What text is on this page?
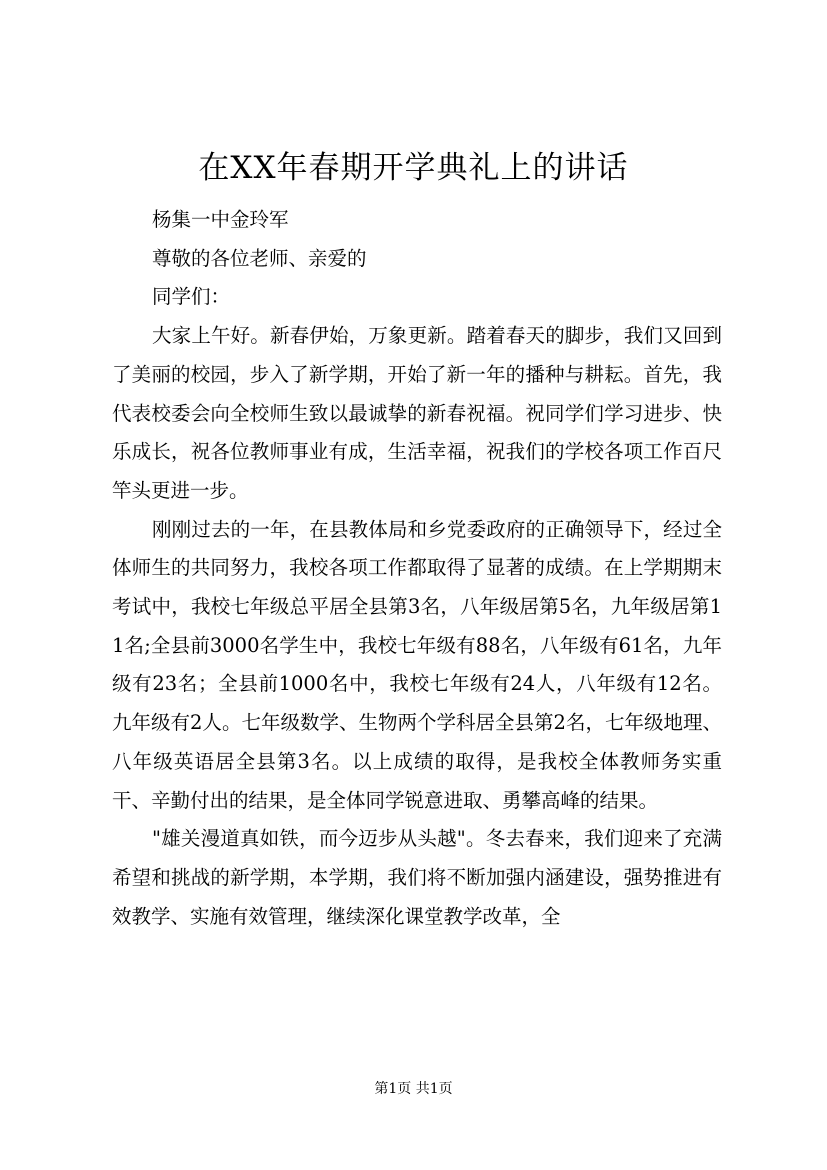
在XX年春期开学典礼上的讲话

杨集一中金玲军

尊敬的各位老师、亲爱的

同学们：

大家上午好。新春伊始，万象更新。踏着春天的脚步，我们又回到了美丽的校园，步入了新学期，开始了新一年的播种与耕耘。首先，我代表校委会向全校师生致以最诚挚的新春祝福。祝同学们学习进步、快乐成长，祝各位教师事业有成，生活幸福，祝我们的学校各项工作百尺竿头更进一步。

刚刚过去的一年，在县教体局和乡党委政府的正确领导下，经过全体师生的共同努力，我校各项工作都取得了显著的成绩。在上学期期末考试中，我校七年级总平居全县第3名，八年级居第5名，九年级居第11名;全县前3000名学生中，我校七年级有88名，八年级有61名，九年级有23名；全县前1000名中，我校七年级有24人，八年级有12名。九年级有2人。七年级数学、生物两个学科居全县第2名，七年级地理、八年级英语居全县第3名。以上成绩的取得，是我校全体教师务实重干、辛勤付出的结果，是全体同学锐意进取、勇攀高峰的结果。

"雄关漫道真如铁，而今迈步从头越"。冬去春来，我们迎来了充满希望和挑战的新学期，本学期，我们将不断加强内涵建设，强势推进有效教学、实施有效管理，继续深化课堂教学改革，全

第1页 共1页
